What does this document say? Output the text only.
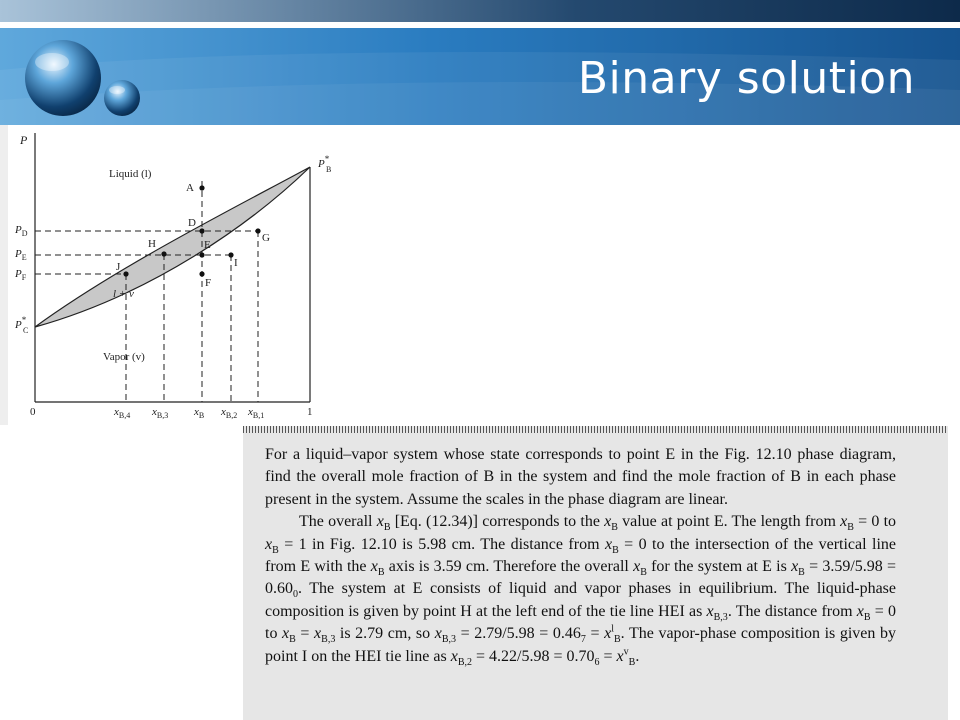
Binary solution
P
0	1
$P_D$
$P_E$
$P_F$
P* B
P* C
$x_{B,4}$ $x_{B,3}$ $x_B$ $x_{B,2}$ $x_{B,1}$
Liquid (l)
l + v
Vapor (v)
A
D
E
F
G
H
I
J

For a liquid–vapor system whose state corresponds to point E in the Fig. 12.10 phase diagram, find the overall mole fraction of B in the system and find the mole fraction of B in each phase present in the system. Assume the scales in the phase diagram are linear.

The overall $x_B$ [Eq. (12.34)] corresponds to the $x_B$ value at point E. The length from $x_B = 0$ to $x_B = 1$ in Fig. 12.10 is 5.98 cm. The distance from $x_B = 0$ to the intersection of the vertical line from E with the $x_B$ axis is 3.59 cm. Therefore the overall $x_B$ for the system at E is $x_B = 3.59/5.98 = 0.60_0$. The system at E consists of liquid and vapor phases in equilibrium. The liquid-phase composition is given by point H at the left end of the tie line HEI as $x_{B,3}$. The distance from $x_B = 0$ to $x_B = x_{B,3}$ is 2.79 cm, so $x_{B,3} = 2.79/5.98 = 0.46_7 = x^l_B$. The vapor-phase composition is given by point I on the HEI tie line as $x_{B,2} = 4.22/5.98 = 0.70_6 = x^v_B$.
